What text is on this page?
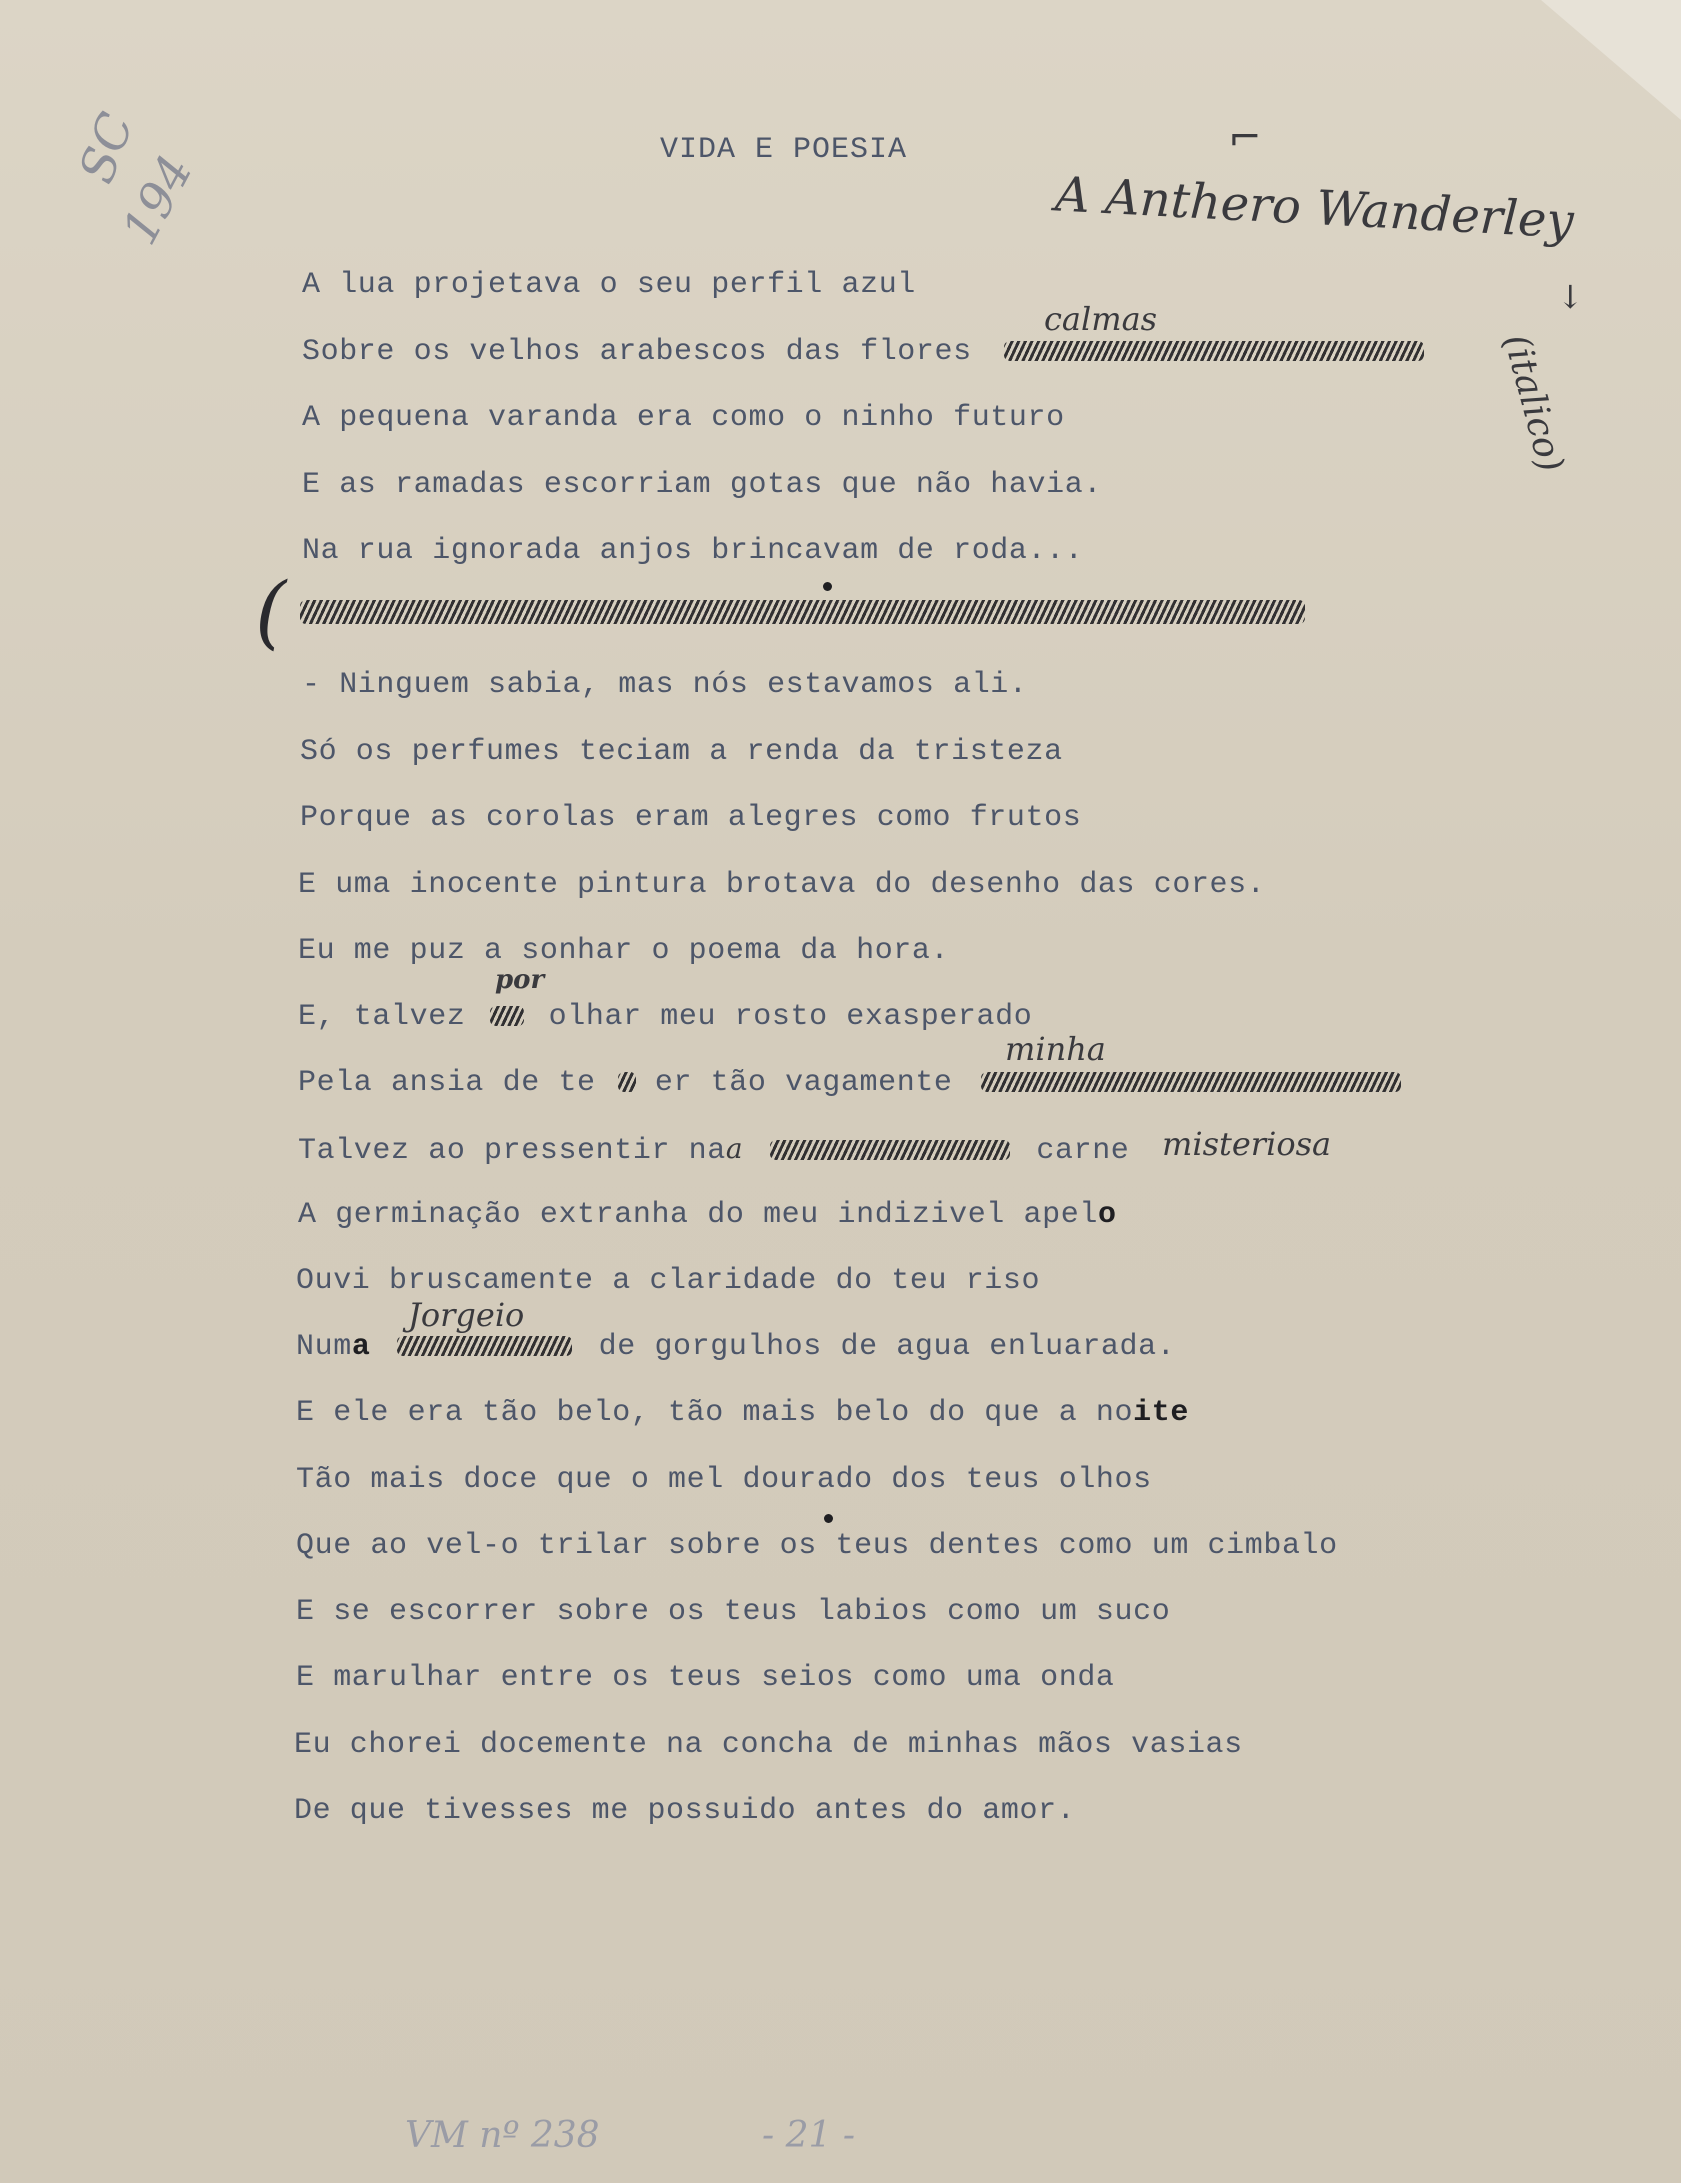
SC
194	VIDA E POESIA
A Anthero Wanderley
(italico)
⌐
↓
A lua projetava o seu perfil azul
Sobre os velhos arabescos das flores
calmas
A pequena varanda era como o ninho futuro
E as ramadas escorriam gotas que não havia.
Na rua ignorada anjos brincavam de roda...
(
- Ninguem sabia, mas nós estavamos ali.
Só os perfumes teciam a renda da tristeza
Porque as corolas eram alegres como frutos
E uma inocente pintura brotava do desenho das cores.
Eu me puz a sonhar o poema da hora.
E, talvez	olhar meu rosto exasperado
por
Pela ansia de te er tão vagamente
minha
Talvez ao pressentir naa	carne misteriosa
A germinação extranha do meu indizivel apelo
Ouvi bruscamente a claridade do teu riso
Numa	de gorgulhos de agua enluarada.
Jorgeio
E ele era tão belo, tão mais belo do que a noite
Tão mais doce que o mel dourado dos teus olhos
Que ao vel-o trilar sobre os teus dentes como um cimbalo
E se escorrer sobre os teus labios como um suco
E marulhar entre os teus seios como uma onda
Eu chorei docemente na concha de minhas mãos vasias
De que tivesses me possuido antes do amor.
VM nº 238	- 21 -
